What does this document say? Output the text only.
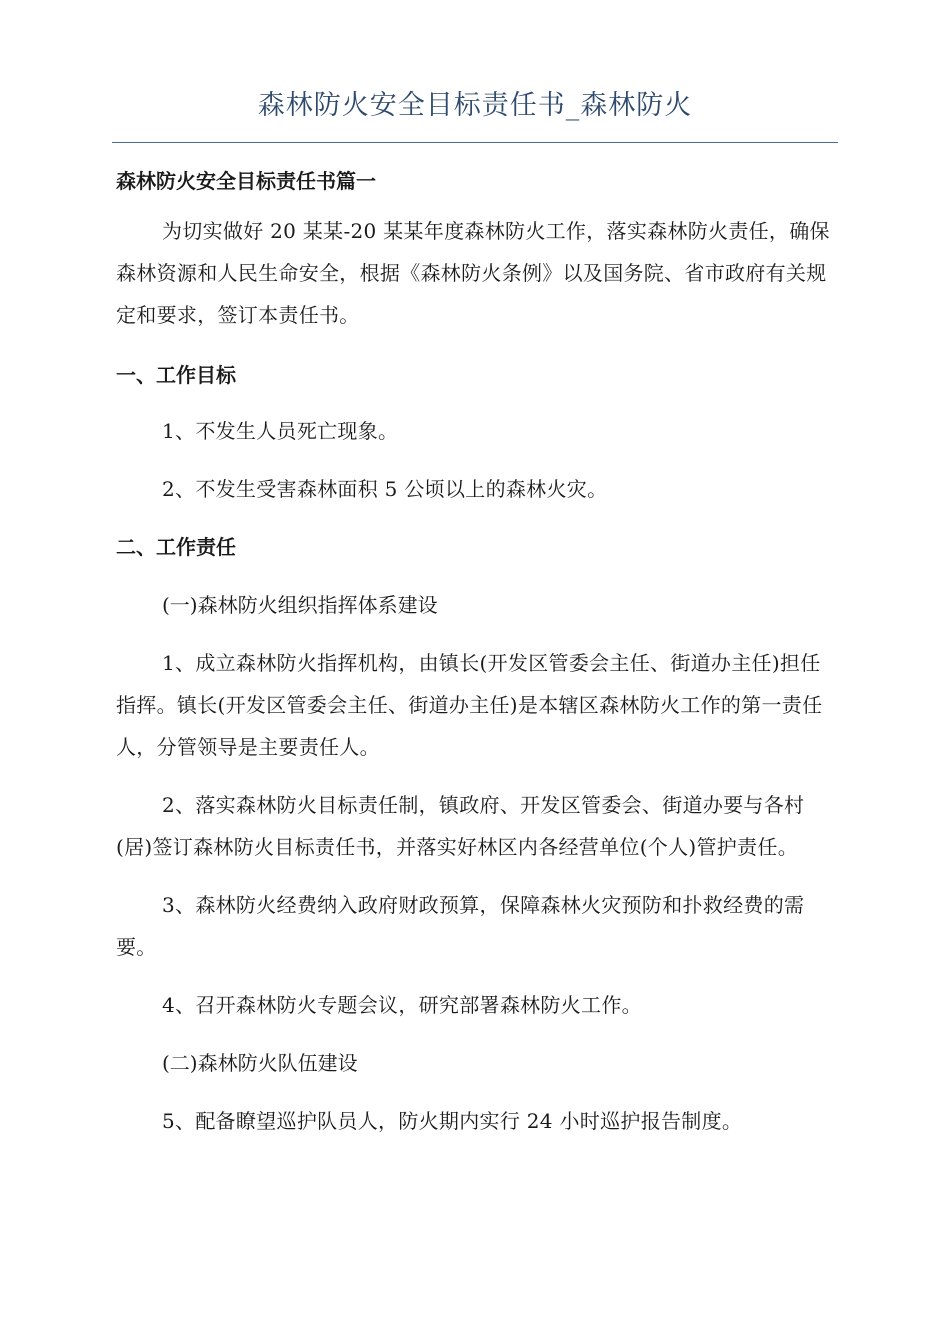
森林防火安全目标责任书_森林防火

森林防火安全目标责任书篇一

为切实做好 20 某某-20 某某年度森林防火工作，落实森林防火责任，确保森林资源和人民生命安全，根据《森林防火条例》以及国务院、省市政府有关规定和要求，签订本责任书。

一、工作目标

1、不发生人员死亡现象。

2、不发生受害森林面积 5 公顷以上的森林火灾。

二、工作责任

(一)森林防火组织指挥体系建设

1、成立森林防火指挥机构，由镇长(开发区管委会主任、街道办主任)担任指挥。镇长(开发区管委会主任、街道办主任)是本辖区森林防火工作的第一责任人，分管领导是主要责任人。

2、落实森林防火目标责任制，镇政府、开发区管委会、街道办要与各村(居)签订森林防火目标责任书，并落实好林区内各经营单位(个人)管护责任。

3、森林防火经费纳入政府财政预算，保障森林火灾预防和扑救经费的需要。

4、召开森林防火专题会议，研究部署森林防火工作。

(二)森林防火队伍建设

5、配备瞭望巡护队员人，防火期内实行 24 小时巡护报告制度。
